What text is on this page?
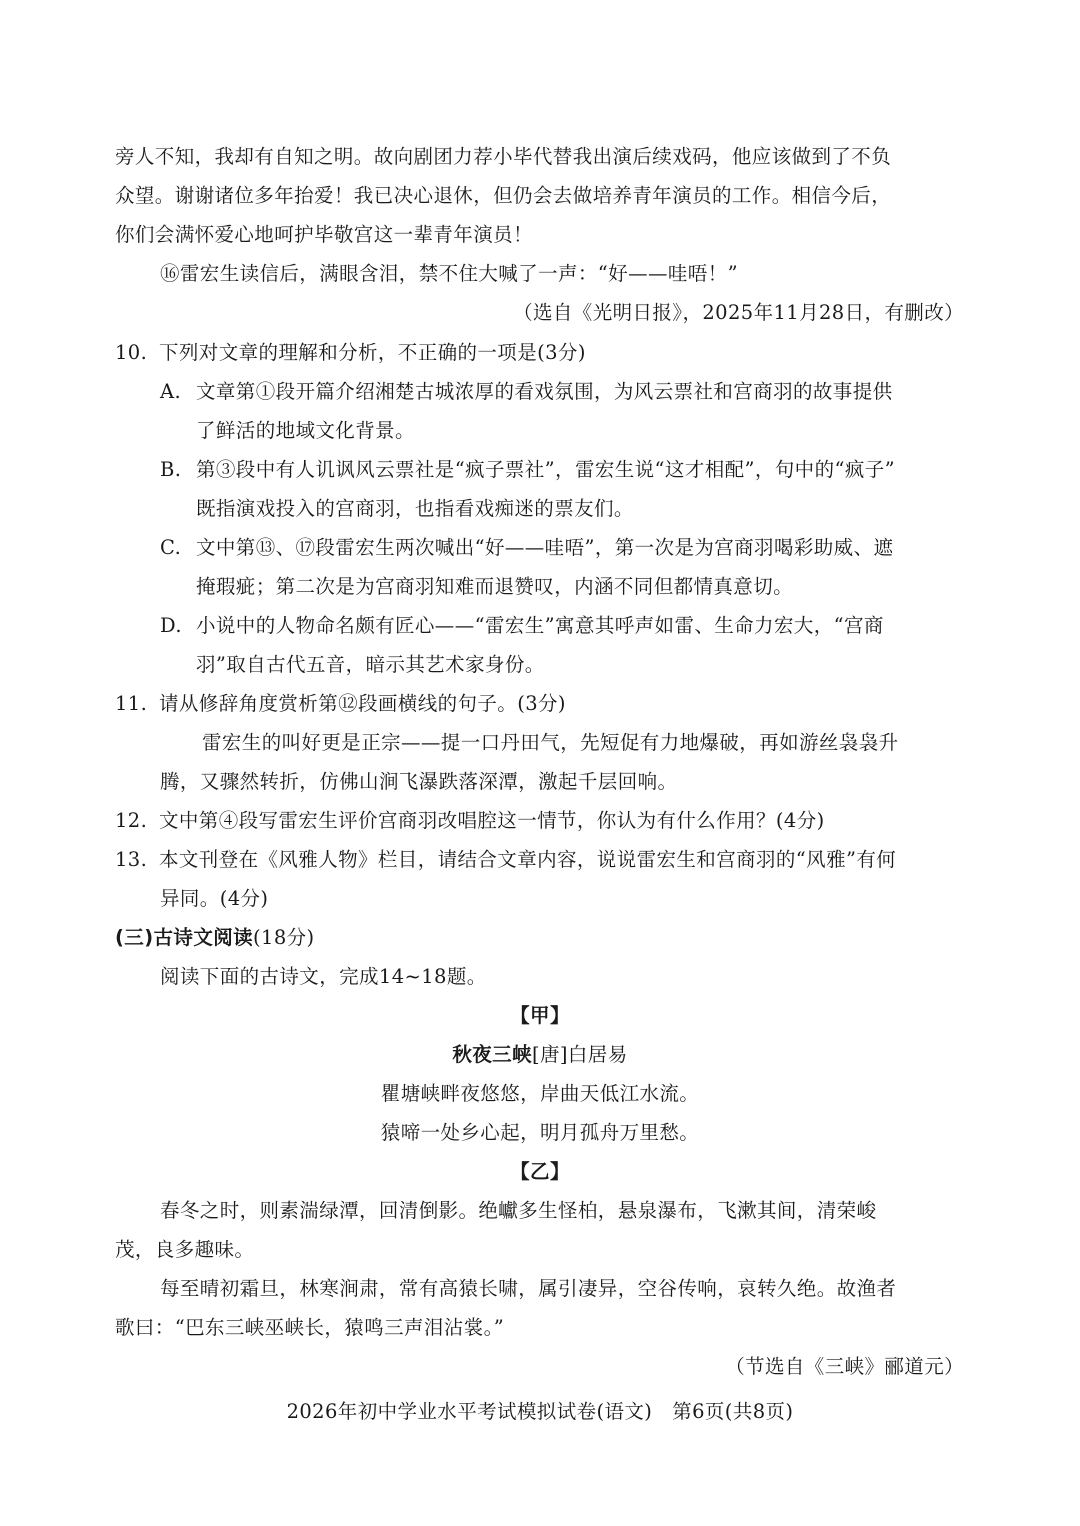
旁人不知，我却有自知之明。故向剧团力荐小毕代替我出演后续戏码，他应该做到了不负
众望。谢谢诸位多年抬爱！我已决心退休，但仍会去做培养青年演员的工作。相信今后，
你们会满怀爱心地呵护毕敬宫这一辈青年演员！
⑯雷宏生读信后，满眼含泪，禁不住大喊了一声：“好——哇唔！”
（选自《光明日报》，2025年11月28日，有删改）
10. 下列对文章的理解和分析，不正确的一项是(3分)
A. 文章第①段开篇介绍湘楚古城浓厚的看戏氛围，为风云票社和宫商羽的故事提供
了鲜活的地域文化背景。
B. 第③段中有人讥讽风云票社是“疯子票社”，雷宏生说“这才相配”，句中的“疯子”
既指演戏投入的宫商羽，也指看戏痴迷的票友们。
C. 文中第⑬、⑰段雷宏生两次喊出“好——哇唔”，第一次是为宫商羽喝彩助威、遮
掩瑕疵；第二次是为宫商羽知难而退赞叹，内涵不同但都情真意切。
D. 小说中的人物命名颇有匠心——“雷宏生”寓意其呼声如雷、生命力宏大，“宫商
羽”取自古代五音，暗示其艺术家身份。
11. 请从修辞角度赏析第⑫段画横线的句子。(3分)
雷宏生的叫好更是正宗——提一口丹田气，先短促有力地爆破，再如游丝袅袅升
腾，又骤然转折，仿佛山涧飞瀑跌落深潭，激起千层回响。
12. 文中第④段写雷宏生评价宫商羽改唱腔这一情节，你认为有什么作用？(4分)
13. 本文刊登在《风雅人物》栏目，请结合文章内容，说说雷宏生和宫商羽的“风雅”有何
异同。(4分)
(三)古诗文阅读(18分)
阅读下面的古诗文，完成14~18题。
【甲】
秋夜三峡[唐]白居易
瞿塘峡畔夜悠悠，岸曲天低江水流。
猿啼一处乡心起，明月孤舟万里愁。
【乙】
春冬之时，则素湍绿潭，回清倒影。绝巘多生怪柏，悬泉瀑布，飞漱其间，清荣峻
茂，良多趣味。
每至晴初霜旦，林寒涧肃，常有高猿长啸，属引凄异，空谷传响，哀转久绝。故渔者
歌曰：“巴东三峡巫峡长，猿鸣三声泪沾裳。”
（节选自《三峡》郦道元）
2026年初中学业水平考试模拟试卷(语文)　第6页(共8页)
